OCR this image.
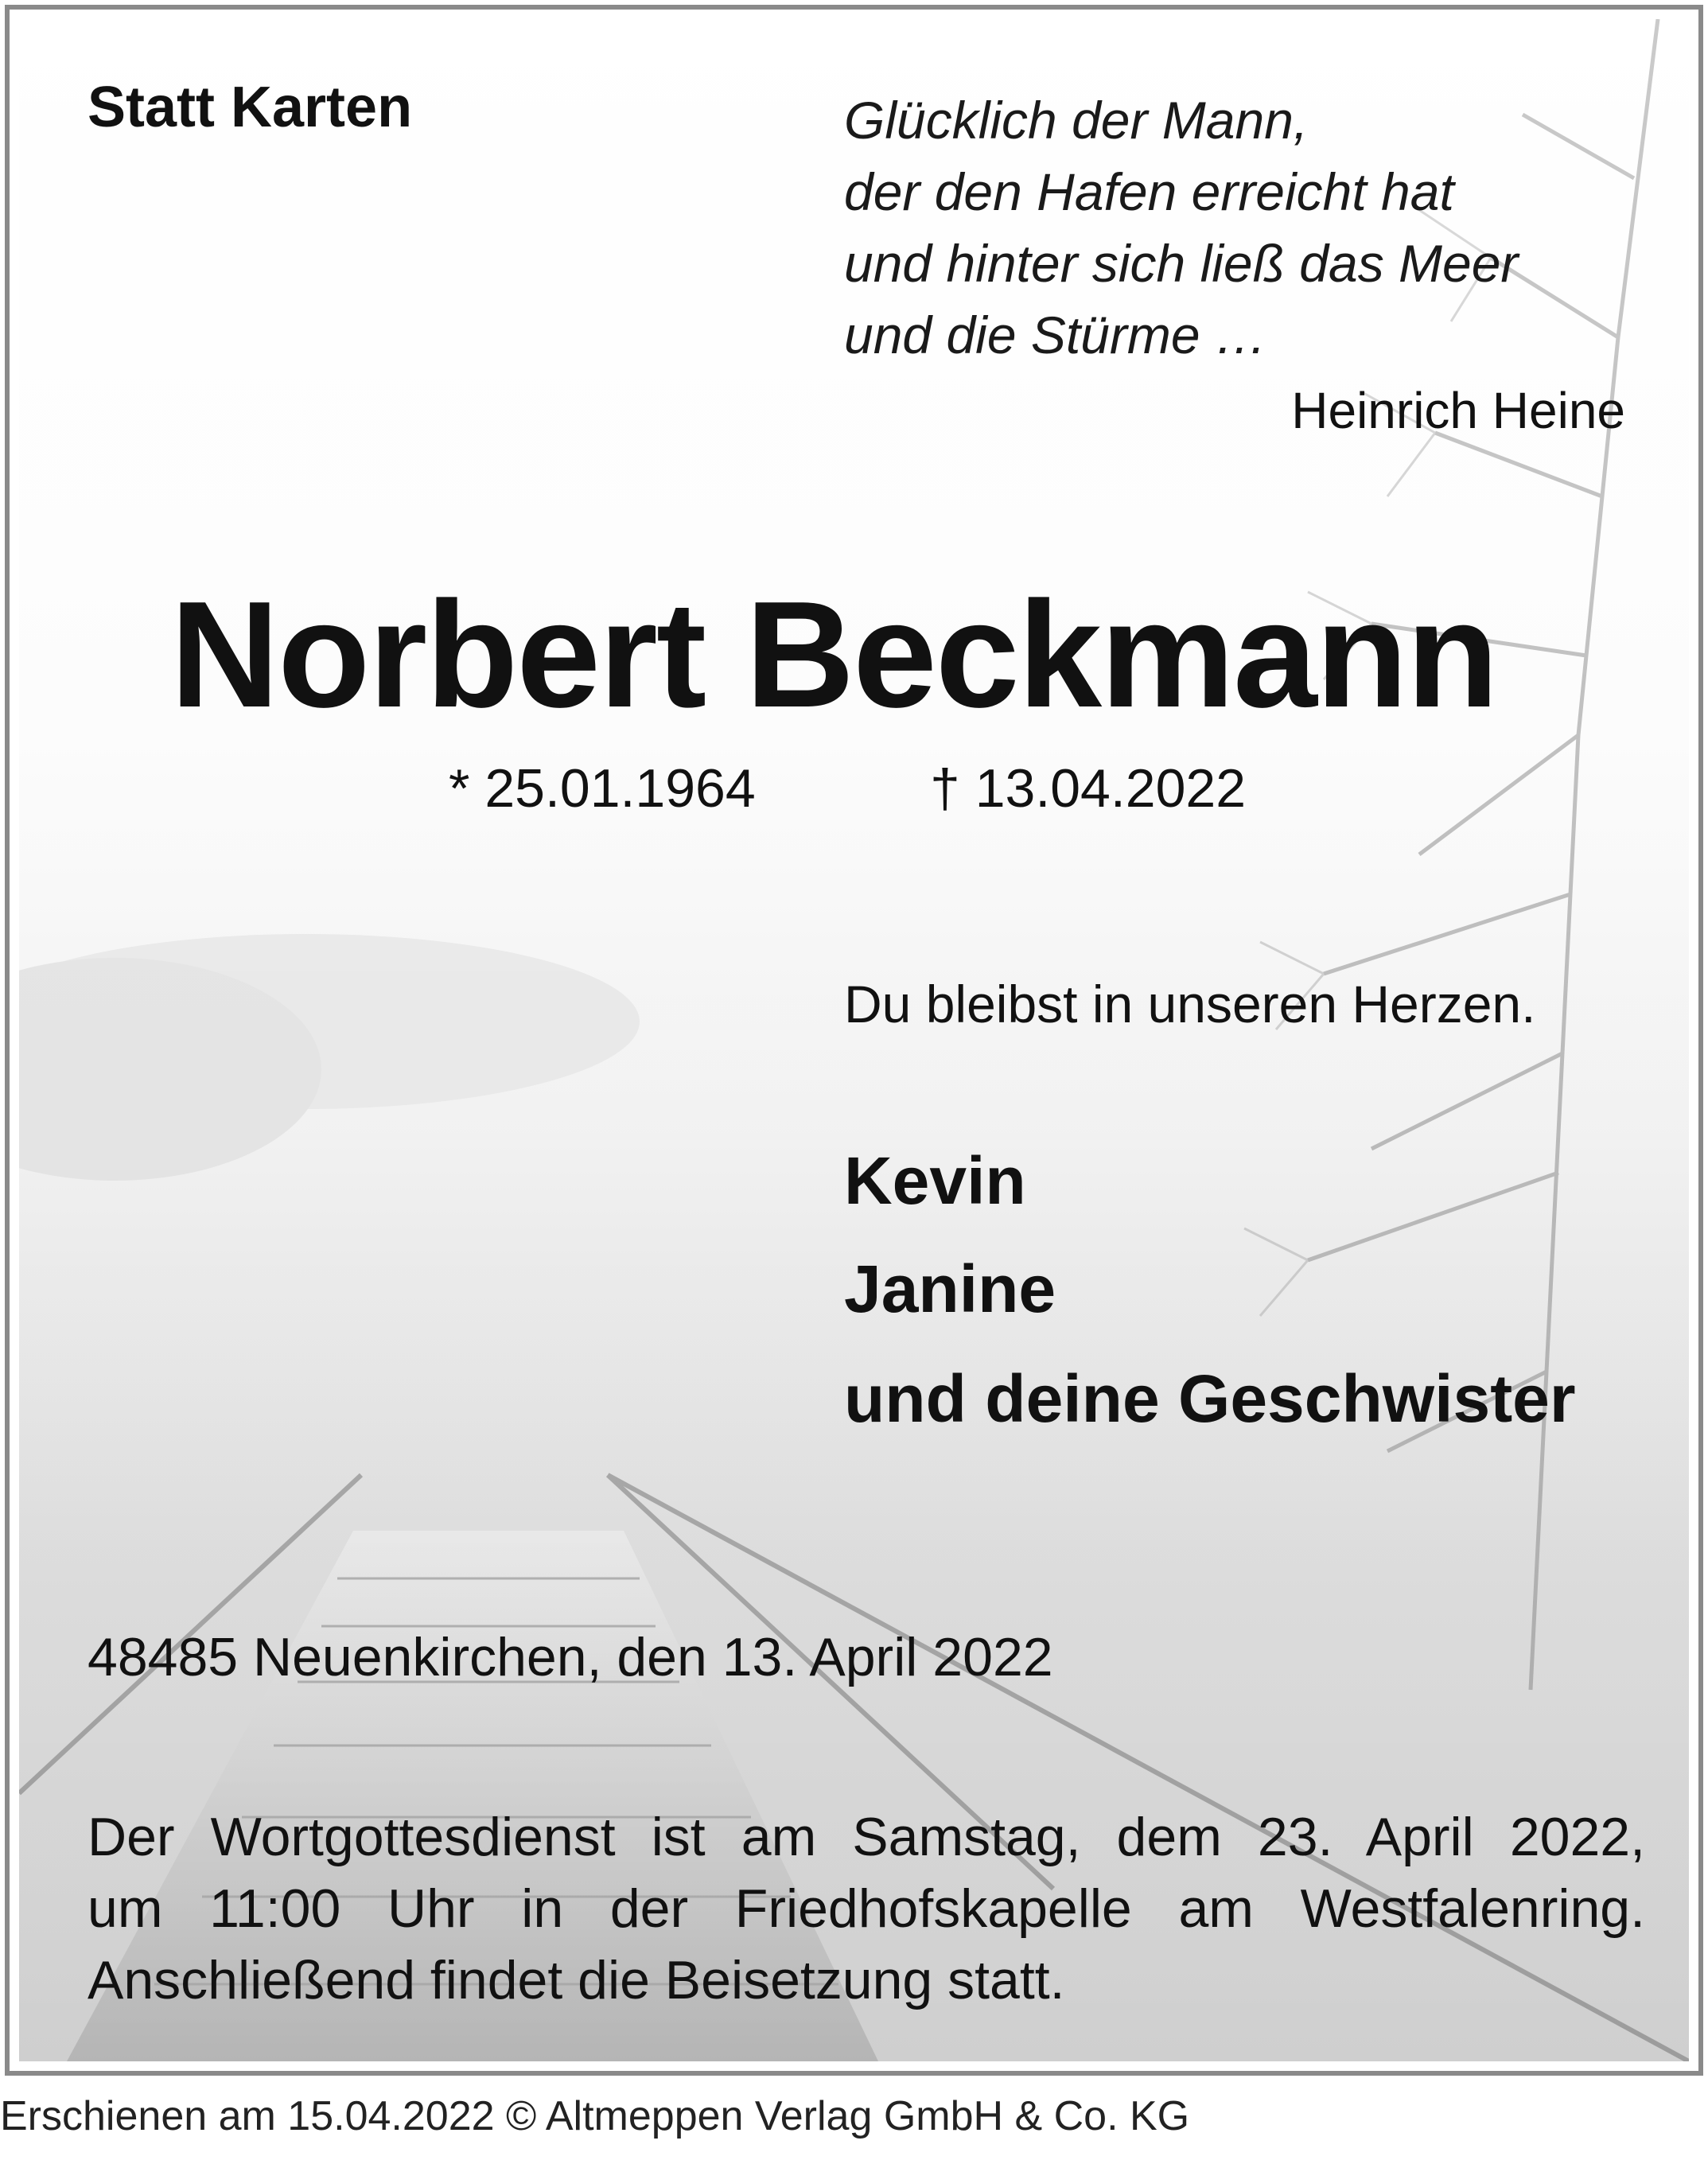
Statt Karten	Glücklich der Mann,
der den Hafen erreicht hat
und hinter sich ließ das Meer
und die Stürme …
Heinrich Heine
Norbert Beckmann
* 25.01.1964	† 13.04.2022
Du bleibst in unseren Herzen.
Kevin
Janine
und deine Geschwister
48485 Neuenkirchen, den 13. April 2022
Der Wortgottesdienst ist am Samstag, dem 23. April 2022,
um 11:00 Uhr in der Friedhofskapelle am Westfalenring.
Anschließend findet die Beisetzung statt.
Erschienen am 15.04.2022 © Altmeppen Verlag GmbH & Co. KG
